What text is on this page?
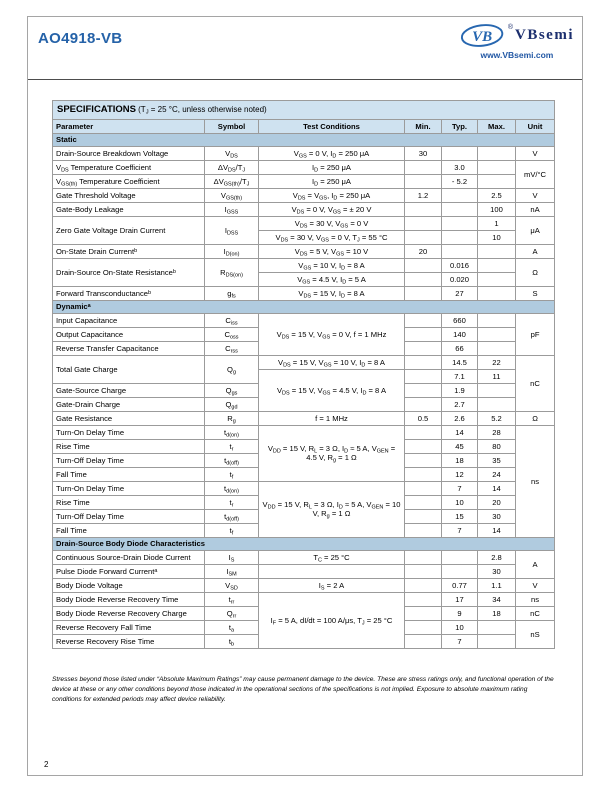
AO4918-VB	VB
® VBsemi
www.VBsemi.com
SPECIFICATIONS ($T_J = 25$ °C, unless otherwise noted)						
Parameter	Symbol	Test Conditions	Min.	Typ.	Max.	Unit
Static						
Drain-Source Breakdown Voltage	$V_{DS}$	$V_{GS} = 0$ V, $I_D = 250$ μA	30			V
$V_{DS}$ Temperature Coefficient	$\Delta V_{DS}/T_J$	$I_D = 250$ μA		3.0		mV/°C
$V_{GS(th)}$ Temperature Coefficient	$\Delta V_{GS(th)}/T_J$	$I_D = 250$ μA		- 5.2		
Gate Threshold Voltage	$V_{GS(th)}$	$V_{DS} = V_{GS}$, $I_D = 250$ μA	1.2		2.5	V
Gate-Body Leakage	$I_{GSS}$	$V_{DS} = 0$ V, $V_{GS}$ = ± 20 V			100	nA
Zero Gate Voltage Drain Current	$I_{DSS}$	$V_{DS} = 30$ V, $V_{GS} = 0$ V			1	μA
		$V_{DS} = 30$ V, $V_{GS} = 0$ V, $T_J = 55$ °C			10	
On-State Drain Current$^b$	$I_{D(on)}$	$V_{DS} = 5$ V, $V_{GS} = 10$ V	20			A
Drain-Source On-State Resistance$^b$	$R_{DS(on)}$	$V_{GS} = 10$ V, $I_D = 8$ A		0.016		Ω
		$V_{GS} = 4.5$ V, $I_D = 5$ A		0.020		
Forward Transconductance$^b$	$g_{fs}$	$V_{DS} = 15$ V, $I_D = 8$ A		27		S
Dynamic$^a$
Input Capacitance	$C_{iss}$	$V_{DS} = 15$ V, $V_{GS} = 0$ V, f = 1 MHz		660		pF
Output Capacitance	$C_{oss}$			140		
Reverse Transfer Capacitance	$C_{rss}$			66		
Total Gate Charge	$Q_g$	$V_{DS} = 15$ V, $V_{GS} = 10$ V, $I_D = 8$ A		14.5	22	nC
		$V_{DS} = 15$ V, $V_{GS} = 4.5$ V, $I_D = 8$ A		7.1	11	
Gate-Source Charge	$Q_{gs}$			1.9		
Gate-Drain Charge	$Q_{gd}$			2.7		
Gate Resistance	$R_g$	f = 1 MHz	0.5	2.6	5.2	Ω
Turn-On Delay Time	$t_{d(on)}$	$V_{DD} = 15$ V, $R_L = 3$ Ω, $I_D \approx 5$ A, $V_{GEN} = 4.5$ V, $R_g = 1$ Ω		14	28	ns
Rise Time	$t_r$			45	80	
Turn-Off Delay Time	$t_{d(off)}$			18	35	
Fall Time	$t_f$			12	24	
Turn-On Delay Time	$t_{d(on)}$	$V_{DD} = 15$ V, $R_L = 3$ Ω, $I_D \approx 5$ A, $V_{GEN} = 10$ V, $R_g = 1$ Ω		7	14	
Rise Time	$t_r$			10	20	
Turn-Off Delay Time	$t_{d(off)}$			15	30	
Fall Time	$t_f$			7	14	
Drain-Source Body Diode Characteristics						
Continuous Source-Drain Diode Current	$I_S$	$T_C = 25$ °C			2.8	A
Pulse Diode Forward Current$^a$	$I_{SM}$				30	
Body Diode Voltage	$V_{SD}$	$I_S = 2$ A		0.77	1.1	V
Body Diode Reverse Recovery Time	$t_{rr}$	$I_F = 5$ A, dI/dt = 100 A/μs, $T_J = 25$ °C		17	34	ns
Body Diode Reverse Recovery Charge	$Q_{rr}$			9	18	nC
Reverse Recovery Fall Time	$t_a$			10		nS
Reverse Recovery Rise Time	$t_b$			7		
Stresses beyond those listed under “Absolute Maximum Ratings” may cause permanent damage to the device. These are stress ratings only, and functional operation of the device at these or any other conditions beyond those indicated in the operational sections of the specifications is not implied. Exposure to absolute maximum rating conditions for extended periods may affect device reliability.
2
